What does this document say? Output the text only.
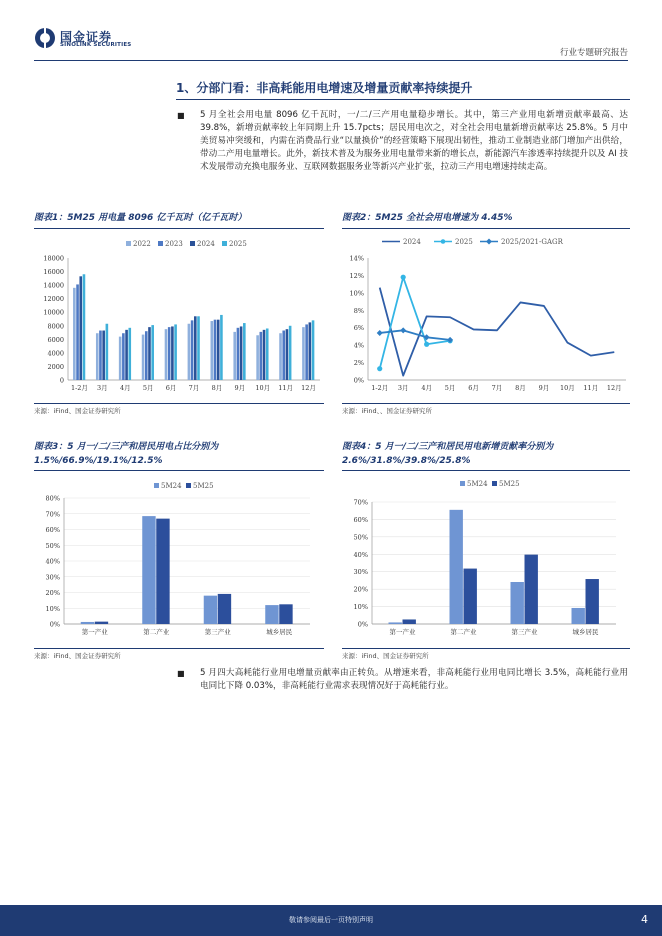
国金证券
SINOLINK SECURITIES
行业专题研究报告
1、分部门看：非高耗能用电增速及增量贡献率持续提升
■ 5 月全社会用电量 8096 亿千瓦时，一/二/三产用电量稳步增长。其中，第三产业用电新增贡献率最高、达 39.8%，新增贡献率较上年同期上升 15.7pcts；居民用电次之，对全社会用电量新增贡献率达 25.8%。5 月中美贸易冲突缓和，内需在消费品行业“以量换价”的经营策略下展现出韧性，推动工业制造业部门增加产出供给，带动二产用电量增长。此外，新技术普及为服务业用电量带来新的增长点，新能源汽车渗透率持续提升以及 AI 技术发展带动充换电服务业、互联网数据服务业等新兴产业扩张，拉动三产用电增速持续走高。

图表1：5M25 用电量 8096 亿千瓦时（亿千瓦时）
0
2000
4000
6000
8000
10000
12000
14000
16000
18000
1-2月 3月 4月 5月 6月 7月 8月 9月 10月 11月 12月
2022 2023 2024 2025
来源：iFind、国金证券研究所
图表2：5M25 全社会用电增速为 4.45%
0%
2%
4%
6%
8%
10%
12%
14%
1-2月 3月 4月 5月 6月 7月 8月 9月 10月 11月 12月
2024	2025	2025/2021-GAGR
来源：iFind、、国金证券研究所
图表3：5 月一/二/三产和居民用电占比分别为 1.5%/66.9%/19.1%/12.5%
0%
10%
20%
30%
40%
50%
60%
70%
80%
第一产业	第二产业	第三产业	城乡居民
5M24 5M25
来源：iFind、国金证券研究所
图表4：5 月一/二/三产和居民用电新增贡献率分别为 2.6%/31.8%/39.8%/25.8%
0%
10%
20%
30%
40%
50%
60%
70%
第一产业	第二产业	第三产业	城乡居民
5M24 5M25
来源：iFind、国金证券研究所
■ 5 月四大高耗能行业用电增量贡献率由正转负。从增速来看，非高耗能行业用电同比增长 3.5%，高耗能行业用电同比下降 0.03%，非高耗能行业需求表现情况好于高耗能行业。

敬请参阅最后一页特别声明	4
